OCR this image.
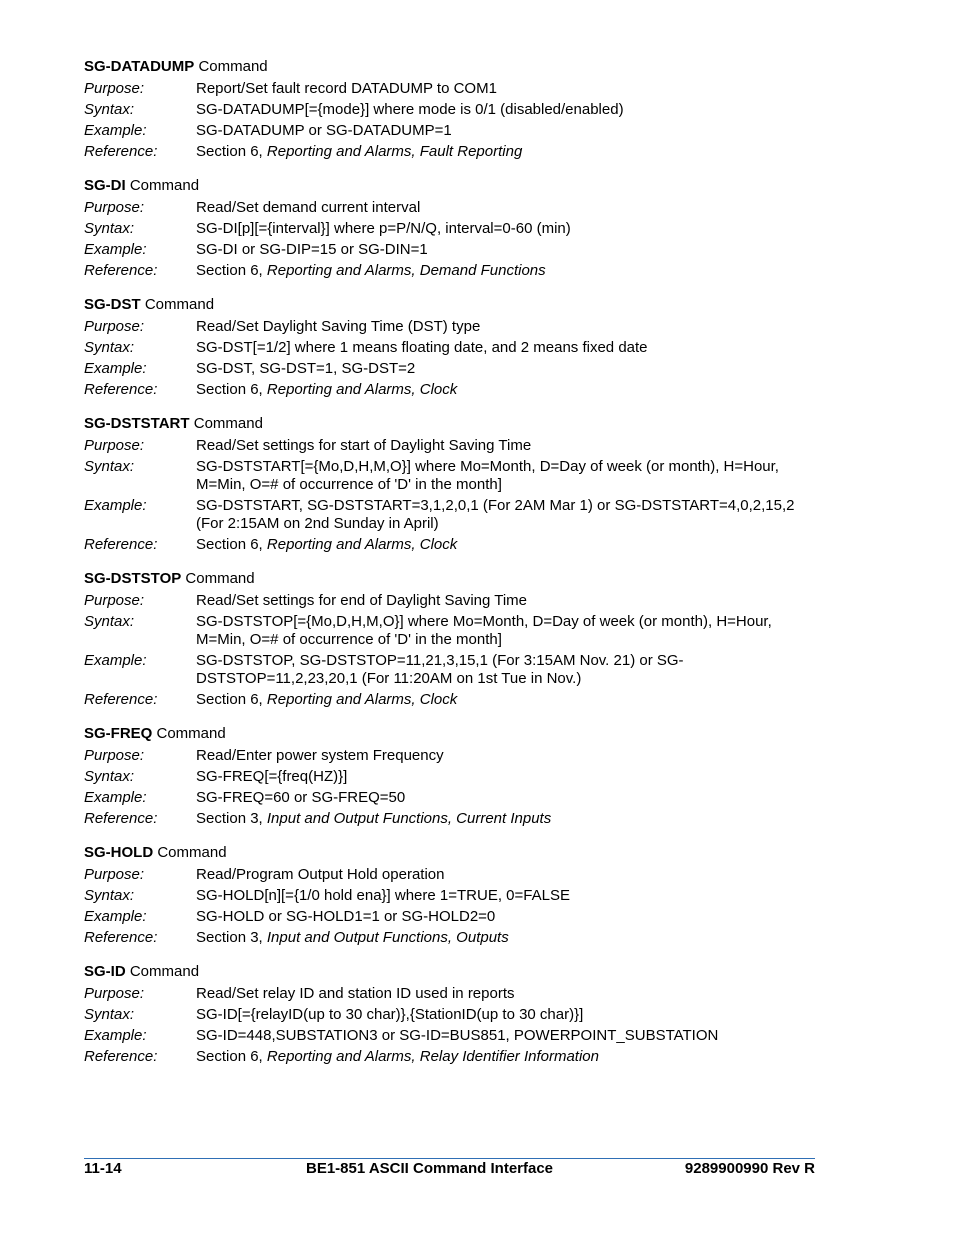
SG-DATADUMP Command
Purpose:	Report/Set fault record DATADUMP to COM1
Syntax:	SG-DATADUMP[={mode}] where mode is 0/1 (disabled/enabled)
Example:	SG-DATADUMP or SG-DATADUMP=1
Reference:	Section 6, Reporting and Alarms, Fault Reporting
SG-DI Command
Purpose:	Read/Set demand current interval
Syntax:	SG-DI[p][={interval}] where p=P/N/Q, interval=0-60 (min)
Example:	SG-DI or SG-DIP=15 or SG-DIN=1
Reference:	Section 6, Reporting and Alarms, Demand Functions
SG-DST Command
Purpose:	Read/Set Daylight Saving Time (DST) type
Syntax:	SG-DST[=1/2] where 1 means floating date, and 2 means fixed date
Example:	SG-DST, SG-DST=1, SG-DST=2
Reference:	Section 6, Reporting and Alarms, Clock
SG-DSTSTART Command
Purpose:	Read/Set settings for start of Daylight Saving Time
Syntax:	SG-DSTSTART[={Mo,D,H,M,O}] where Mo=Month, D=Day of week (or month), H=Hour, M=Min, O=# of occurrence of 'D' in the month]
Example:	SG-DSTSTART, SG-DSTSTART=3,1,2,0,1 (For 2AM Mar 1) or SG-DSTSTART=4,0,2,15,2 (For 2:15AM on 2nd Sunday in April)
Reference:	Section 6, Reporting and Alarms, Clock
SG-DSTSTOP Command
Purpose:	Read/Set settings for end of Daylight Saving Time
Syntax:	SG-DSTSTOP[={Mo,D,H,M,O}] where Mo=Month, D=Day of week (or month), H=Hour, M=Min, O=# of occurrence of 'D' in the month]
Example:	SG-DSTSTOP, SG-DSTSTOP=11,21,3,15,1 (For 3:15AM Nov. 21) or SG-DSTSTOP=11,2,23,20,1 (For 11:20AM on 1st Tue in Nov.)
Reference:	Section 6, Reporting and Alarms, Clock
SG-FREQ Command
Purpose:	Read/Enter power system Frequency
Syntax:	SG-FREQ[={freq(HZ)}]
Example:	SG-FREQ=60 or SG-FREQ=50
Reference:	Section 3, Input and Output Functions, Current Inputs
SG-HOLD Command
Purpose:	Read/Program Output Hold operation
Syntax:	SG-HOLD[n][={1/0 hold ena}] where 1=TRUE, 0=FALSE
Example:	SG-HOLD or SG-HOLD1=1 or SG-HOLD2=0
Reference:	Section 3, Input and Output Functions, Outputs
SG-ID Command
Purpose:	Read/Set relay ID and station ID used in reports
Syntax:	SG-ID[={relayID(up to 30 char)},{StationID(up to 30 char)}]
Example:	SG-ID=448,SUBSTATION3 or SG-ID=BUS851, POWERPOINT_SUBSTATION
Reference:	Section 6, Reporting and Alarms, Relay Identifier Information
11-14	BE1-851 ASCII Command Interface	9289900990 Rev R
